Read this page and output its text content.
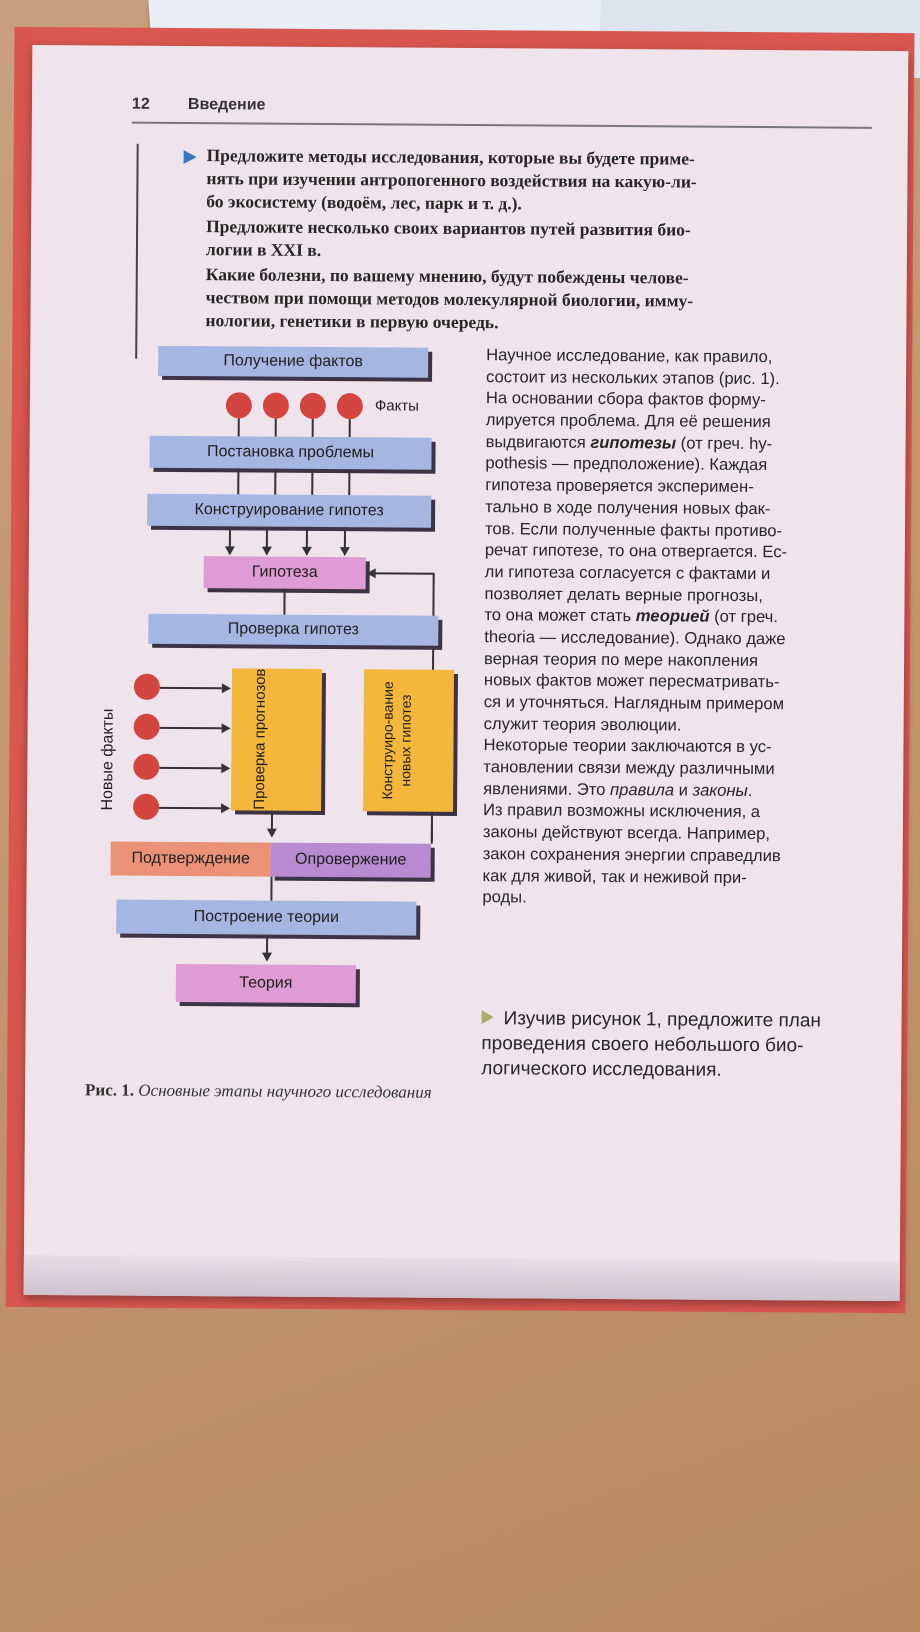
12 Введение
Предложите методы исследования, которые вы будете приме-
нять при изучении антропогенного воздействия на какую-ли-
бо экосистему (водоём, лес, парк и т. д.).
Предложите несколько своих вариантов путей развития био-
логии в XXI в.
Какие болезни, по вашему мнению, будут побеждены челове-
чеством при помощи методов молекулярной биологии, имму-
нологии, генетики в первую очередь.
Получение фактов
Факты
Постановка проблемы
Конструирование гипотез
Гипотеза
Проверка гипотез
Новые факты	Проверка прогнозов	Конструиро-вание новых гипотез
Подтверждение	Опровержение
Построение теории
Теория
Рис. 1. Основные этапы научного исследования
Научное исследование, как правило,
состоит из нескольких этапов (рис. 1).
На основании сбора фактов форму-
лируется проблема. Для её решения
выдвигаются гипотезы (от греч. hy-
pothesis — предположение). Каждая
гипотеза проверяется эксперимен-
тально в ходе получения новых фак-
тов. Если полученные факты противо-
речат гипотезе, то она отвергается. Ес-
ли гипотеза согласуется с фактами и
позволяет делать верные прогнозы,
то она может стать теорией (от греч.
theoria — исследование). Однако даже
верная теория по мере накопления
новых фактов может пересматривать-
ся и уточняться. Наглядным примером
служит теория эволюции.
Некоторые теории заключаются в ус-
тановлении связи между различными
явлениями. Это правила и законы.
Из правил возможны исключения, а
законы действуют всегда. Например,
закон сохранения энергии справедлив
как для живой, так и неживой при-
роды.
Изучив рисунок 1, предложите план
проведения своего небольшого био-
логического исследования.
